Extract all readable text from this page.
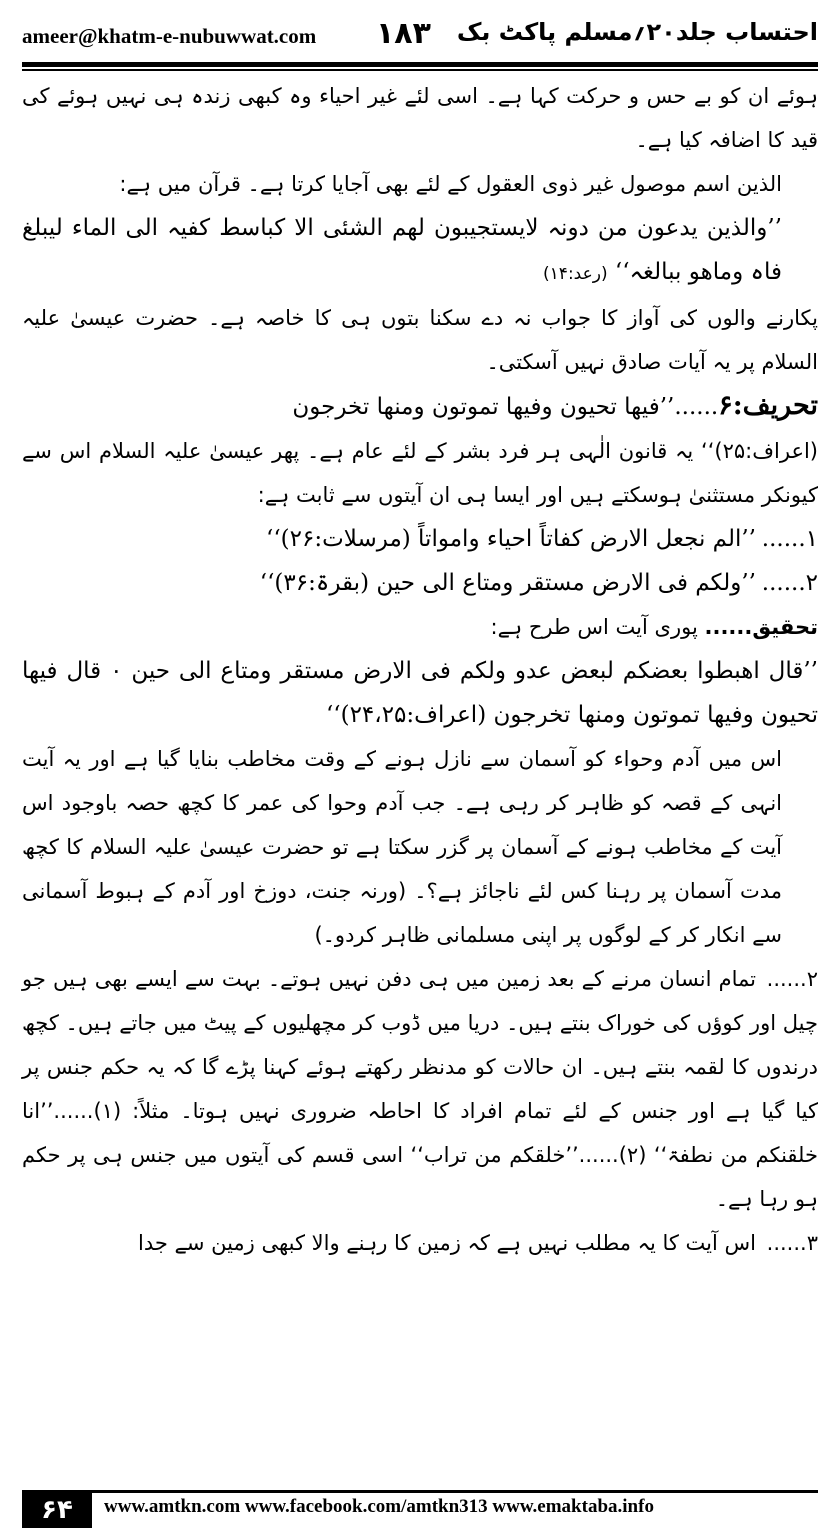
ameer@khatm-e-nubuwwat.com ۱۸۳ احتساب جلد۲۰؍مسلم پاکٹ بک

ہوئے ان کو بے حس و حرکت کہا ہے۔ اسی لئے غیر احیاء وہ کبھی زندہ ہی نہیں ہوئے کی قید کا اضافہ کیا ہے۔

الذین اسم موصول غیر ذوی العقول کے لئے بھی آجایا کرتا ہے۔ قرآن میں ہے:

’’والذین یدعون من دونہ لایستجیبون لھم الشئی الا کباسط کفیہ الی الماء لیبلغ فاہ وماھو ببالغہ‘‘ (رعد:۱۴)

پکارنے والوں کی آواز کا جواب نہ دے سکنا بتوں ہی کا خاصہ ہے۔ حضرت عیسیٰ علیہ السلام پر یہ آیات صادق نہیں آسکتی۔

تحریف:۶......’’فیھا تحیون وفیھا تموتون ومنھا تخرجون

(اعراف:۲۵)‘‘ یہ قانون الٰہی ہر فرد بشر کے لئے عام ہے۔ پھر عیسیٰ علیہ السلام اس سے کیونکر مستثنیٰ ہوسکتے ہیں اور ایسا ہی ان آیتوں سے ثابت ہے:

۱......’’الم نجعل الارض کفاتاً احیاء وامواتاً (مرسلات:۲۶)‘‘

۲......’’ولکم فی الارض مستقر ومتاع الی حین (بقرۃ:۳۶)‘‘

تحقیق...... پوری آیت اس طرح ہے:

’’قال اھبطوا بعضکم لبعض عدو ولکم فی الارض مستقر ومتاع الی حین ۰ قال فیھا تحیون وفیھا تموتون ومنھا تخرجون (اعراف:۲۴،۲۵)‘‘

اس میں آدم وحواء کو آسمان سے نازل ہونے کے وقت مخاطب بنایا گیا ہے اور یہ آیت انہی کے قصہ کو ظاہر کر رہی ہے۔ جب آدم وحوا کی عمر کا کچھ حصہ باوجود اس آیت کے مخاطب ہونے کے آسمان پر گزر سکتا ہے تو حضرت عیسیٰ علیہ السلام کا کچھ مدت آسمان پر رہنا کس لئے ناجائز ہے؟۔ (ورنہ جنت، دوزخ اور آدم کے ہبوط آسمانی سے انکار کر کے لوگوں پر اپنی مسلمانی ظاہر کردو۔)

۲......تمام انسان مرنے کے بعد زمین میں ہی دفن نہیں ہوتے۔ بہت سے ایسے بھی ہیں جو چیل اور کوؤں کی خوراک بنتے ہیں۔ دریا میں ڈوب کر مچھلیوں کے پیٹ میں جاتے ہیں۔ کچھ درندوں کا لقمہ بنتے ہیں۔ ان حالات کو مدنظر رکھتے ہوئے کہنا پڑے گا کہ یہ حکم جنس پر کیا گیا ہے اور جنس کے لئے تمام افراد کا احاطہ ضروری نہیں ہوتا۔ مثلاً: (۱)......’’انا خلقنکم من نطفۃ‘‘ (۲)......’’خلقکم من تراب‘‘ اسی قسم کی آیتوں میں جنس ہی پر حکم ہو رہا ہے۔

۳......اس آیت کا یہ مطلب نہیں ہے کہ زمین کا رہنے والا کبھی زمین سے جدا

۶۴	www.amtkn.com www.facebook.com/amtkn313 www.emaktaba.info
